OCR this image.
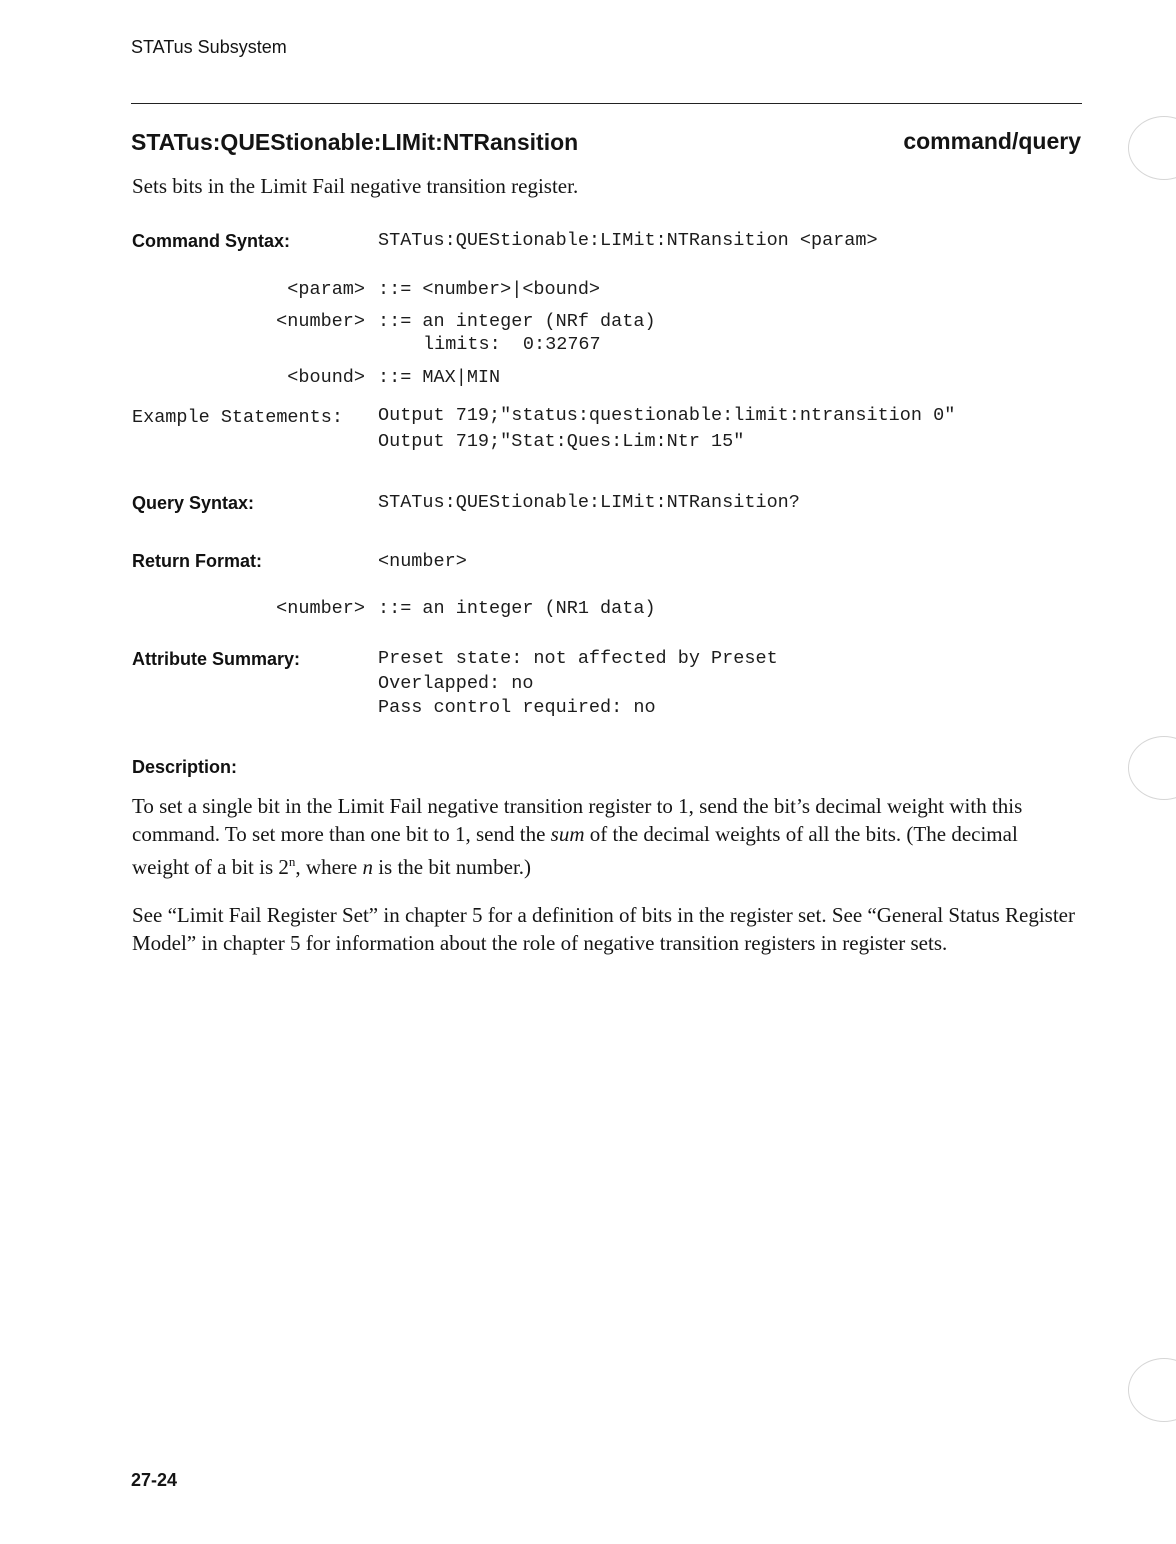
STATus Subsystem
STATus:QUEStionable:LIMit:NTRansition	command/query
Sets bits in the Limit Fail negative transition register.
Command Syntax:	STATus:QUEStionable:LIMit:NTRansition <param>
<param> ::= <number>|<bound>
<number> ::= an integer (NRf data)
limits:  0:32767
<bound> ::= MAX|MIN
Example Statements: Output 719;"status:questionable:limit:ntransition 0"
Output 719;"Stat:Ques:Lim:Ntr 15"
Query Syntax:	STATus:QUEStionable:LIMit:NTRansition?
Return Format:	<number>
<number> ::= an integer (NR1 data)
Attribute Summary:	Preset state: not affected by Preset
Overlapped: no
Pass control required: no
Description:
To set a single bit in the Limit Fail negative transition register to 1, send the bit’s decimal weight with this command. To set more than one bit to 1, send the sum of the decimal weights of all the bits. (The decimal weight of a bit is 2$^n$, where n is the bit number.)
See “Limit Fail Register Set” in chapter 5 for a definition of bits in the register set. See “General Status Register Model” in chapter 5 for information about the role of negative transition registers in register sets.
27-24
